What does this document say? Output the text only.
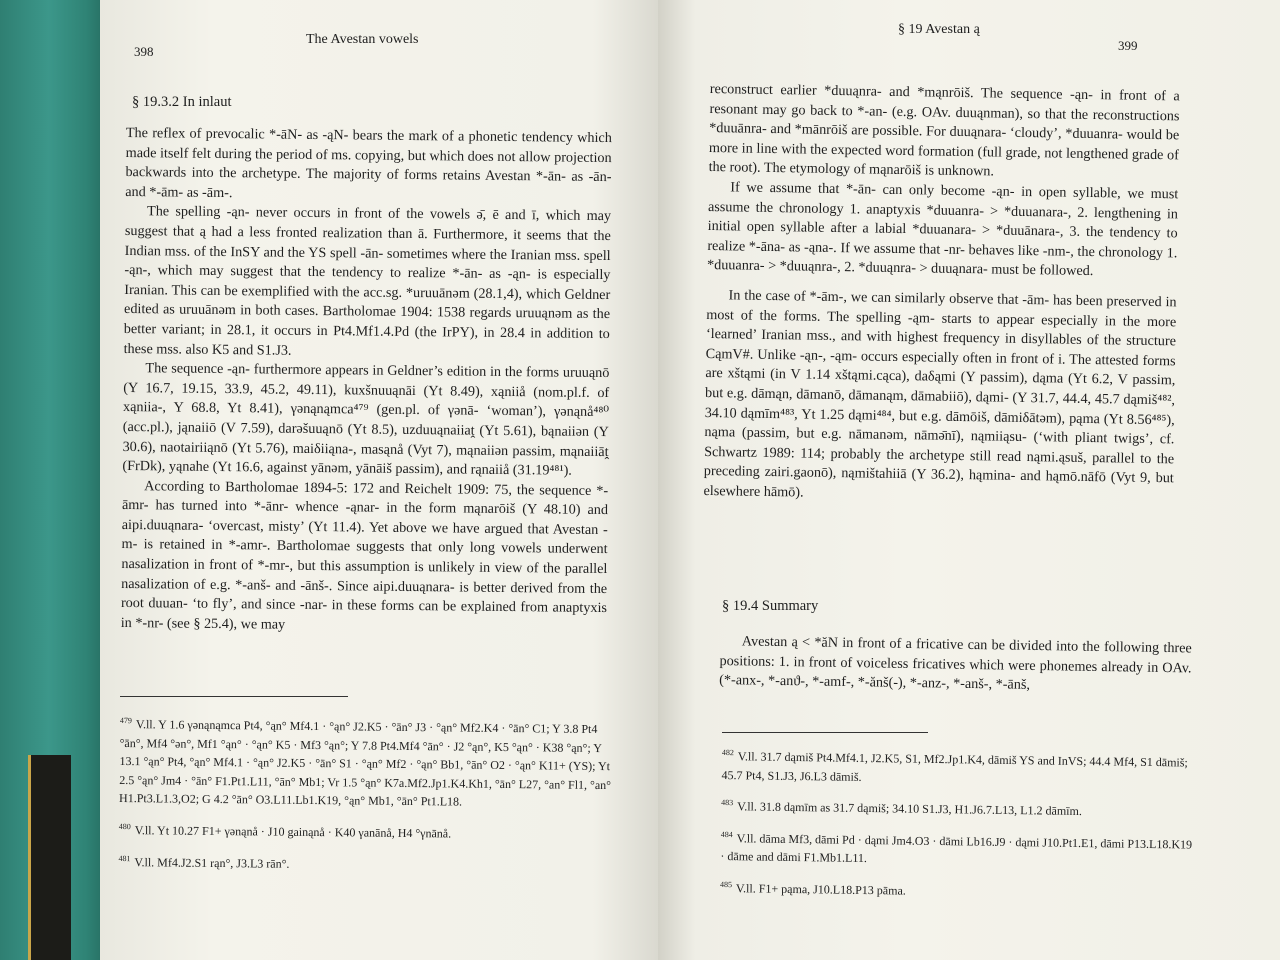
398
The Avestan vowels
§ 19.3.2 In inlaut

The reflex of prevocalic *-āN- as -ąN- bears the mark of a phonetic tendency which made itself felt during the period of ms. copying, but which does not allow projection backwards into the archetype. The majority of forms retains Avestan *-ān- as -ān- and *-ām- as -ām-.

The spelling -ąn- never occurs in front of the vowels ə̄, ē and ī, which may suggest that ą had a less fronted realization than ā. Furthermore, it seems that the Indian mss. of the InSY and the YS spell -ān- sometimes where the Iranian mss. spell -ąn-, which may suggest that the tendency to realize *-ān- as -ąn- is especially Iranian. This can be exemplified with the acc.sg. *uruuānəm (28.1,4), which Geldner edited as uruuānəm in both cases. Bartholomae 1904: 1538 regards uruuąnəm as the better variant; in 28.1, it occurs in Pt4.Mf1.4.Pd (the IrPY), in 28.4 in addition to these mss. also K5 and S1.J3.

The sequence -ąn- furthermore appears in Geldner’s edition in the forms uruuąnō (Y 16.7, 19.15, 33.9, 45.2, 49.11), kuxšnuuąnāi (Yt 8.49), xąniiå (nom.pl.f. of xąniia-, Y 68.8, Yt 8.41), γənąnąmca⁴⁷⁹ (gen.pl. of γənā- ‘woman’), γənąnå⁴⁸⁰ (acc.pl.), jąnaiiō (V 7.59), darəšuuąnō (Yt 8.5), uzduuąnaiiaṱ (Yt 5.61), bąnaiiən (Y 30.6), naotairiiąnō (Yt 5.76), maiδiiąna-, masąnå (Vyt 7), mąnaiiən passim, mąnaiiāṱ (FrDk), yąnahe (Yt 16.6, against yānəm, yānāiš passim), and rąnaiiå (31.19⁴⁸¹).

According to Bartholomae 1894-5: 172 and Reichelt 1909: 75, the sequence *-āmr- has turned into *-ānr- whence -ąnar- in the form mąnarōiš (Y 48.10) and aipi.duuąnara- ‘overcast, misty’ (Yt 11.4). Yet above we have argued that Avestan -m- is retained in *-amr-. Bartholomae suggests that only long vowels underwent nasalization in front of *-mr-, but this assumption is unlikely in view of the parallel nasalization of e.g. *-anš- and -ānš-. Since aipi.duuąnara- is better derived from the root duuan- ‘to fly’, and since -nar- in these forms can be explained from anaptyxis in *-nr- (see § 25.4), we may

$^{479}$ V.ll. Y 1.6 γənąnąmca Pt4, °ąn° Mf4.1 · °ąn° J2.K5 · °ān° J3 · °ąn° Mf2.K4 · °ān° C1; Y 3.8 Pt4 °ān°, Mf4 °ən°, Mf1 °ąn° · °ąn° K5 · Mf3 °ąn°; Y 7.8 Pt4.Mf4 °ān° · J2 °ąn°, K5 °ąn° · K38 °ąn°; Y 13.1 °ąn° Pt4, °ąn° Mf4.1 · °ąn° J2.K5 · °ān° S1 · °ąn° Mf2 · °ąn° Bb1, °ān° O2 · °ąn° K11+ (YS); Yt 2.5 °ąn° Jm4 · °ān° F1.Pt1.L11, °ān° Mb1; Vr 1.5 °ąn° K7a.Mf2.Jp1.K4.Kh1, °ān° L27, °an° Fl1, °an° H1.Pt3.L1.3,O2; G 4.2 °ān° O3.L11.Lb1.K19, °ąn° Mb1, °ān° Pt1.L18.

$^{480}$ V.ll. Yt 10.27 F1+ γənąnå · J10 gainąnå · K40 γanānå, H4 °γnānå.

$^{481}$ V.ll. Mf4.J2.S1 rąn°, J3.L3 rān°.

§ 19 Avestan ą
399

reconstruct earlier *duuąnra- and *mąnrōiš. The sequence -ąn- in front of a resonant may go back to *-an- (e.g. OAv. duuąnman), so that the reconstructions *duuānra- and *mānrōiš are possible. For duuąnara- ‘cloudy’, *duuanra- would be more in line with the expected word formation (full grade, not lengthened grade of the root). The etymology of mąnarōiš is unknown.

If we assume that *-ān- can only become -ąn- in open syllable, we must assume the chronology 1. anaptyxis *duuanra- > *duuanara-, 2. lengthening in initial open syllable after a labial *duuanara- > *duuānara-, 3. the tendency to realize *-āna- as -ąna-. If we assume that -nr- behaves like -nm-, the chronology 1. *duuanra- > *duuąnra-, 2. *duuąnra- > duuąnara- must be followed.

In the case of *-ām-, we can similarly observe that -ām- has been preserved in most of the forms. The spelling -ąm- starts to appear especially in the more ‘learned’ Iranian mss., and with highest frequency in disyllables of the structure CąmV#. Unlike -ąn-, -ąm- occurs especially often in front of i. The attested forms are xštąmi (in V 1.14 xštąmi.cąca), daδąmi (Y passim), dąma (Yt 6.2, V passim, but e.g. dāmąn, dāmanō, dāmanąm, dāmabiiō), dąmi- (Y 31.7, 44.4, 45.7 dąmiš⁴⁸², 34.10 dąmīm⁴⁸³, Yt 1.25 dąmi⁴⁸⁴, but e.g. dāmōiš, dāmiδātəm), pąma (Yt 8.56⁴⁸⁵), nąma (passim, but e.g. nāmanəm, nāmə̄nī), nąmiiąsu- (‘with pliant twigs’, cf. Schwartz 1989: 114; probably the archetype still read nąmi.ąsuš, parallel to the preceding zairi.gaonō), nąmištahiiā (Y 36.2), hąmina- and hąmō.nāfō (Vyt 9, but elsewhere hāmō).

§ 19.4 Summary

Avestan ą < *ăN in front of a fricative can be divided into the following three positions: 1. in front of voiceless fricatives which were phonemes already in OAv. (*-anx-, *-anϑ-, *-amf-, *-ănš(-), *-anz-, *-anš-, *-ānš,

$^{482}$ V.ll. 31.7 dąmiš Pt4.Mf4.1, J2.K5, S1, Mf2.Jp1.K4, dāmiš YS and InVS; 44.4 Mf4, S1 dāmiš; 45.7 Pt4, S1.J3, J6.L3 dāmiš.

$^{483}$ V.ll. 31.8 dąmīm as 31.7 dąmiš; 34.10 S1.J3, H1.J6.7.L13, L1.2 dāmīm.

$^{484}$ V.ll. dāma Mf3, dāmi Pd · dąmi Jm4.O3 · dāmi Lb16.J9 · dąmi J10.Pt1.E1, dāmi P13.L18.K19 · dāme and dāmi F1.Mb1.L11.

$^{485}$ V.ll. F1+ pąma, J10.L18.P13 pāma.
